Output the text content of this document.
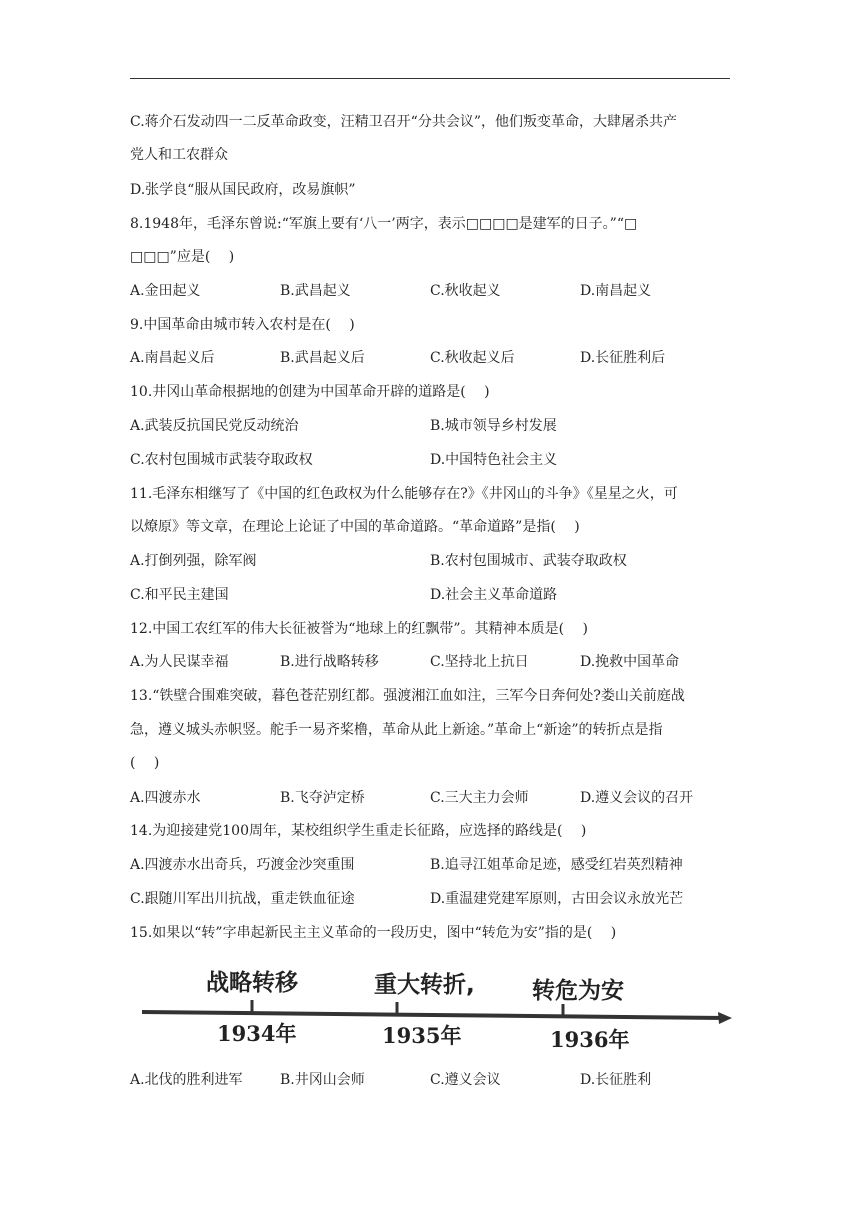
C.蒋介石发动四一二反革命政变，汪精卫召开“分共会议”，他们叛变革命，大肆屠杀共产
党人和工农群众
D.张学良“服从国民政府，改易旗帜”
8.1948年，毛泽东曾说:“军旗上要有‘八一’两字，表示□□□□是建军的日子。”“□
□□□”应是(　 )
A.金田起义	B.武昌起义	C.秋收起义	D.南昌起义
9.中国革命由城市转入农村是在(　 )
A.南昌起义后	B.武昌起义后	C.秋收起义后	D.长征胜利后
10.井冈山革命根据地的创建为中国革命开辟的道路是(　 )
A.武装反抗国民党反动统治	B.城市领导乡村发展
C.农村包围城市武装夺取政权	D.中国特色社会主义
11.毛泽东相继写了《中国的红色政权为什么能够存在?》《井冈山的斗争》《星星之火，可
以燎原》等文章，在理论上论证了中国的革命道路。“革命道路”是指(　 )
A.打倒列强，除军阀	B.农村包围城市、武装夺取政权
C.和平民主建国	D.社会主义革命道路
12.中国工农红军的伟大长征被誉为“地球上的红飘带”。其精神本质是(　 )
A.为人民谋幸福	B.进行战略转移	C.坚持北上抗日	D.挽救中国革命
13.“铁壁合围难突破，暮色苍茫别红都。强渡湘江血如注，三军今日奔何处?娄山关前庭战
急，遵义城头赤帜竖。舵手一易齐桨橹，革命从此上新途。”革命上“新途”的转折点是指
(　 )
A.四渡赤水	B.飞夺泸定桥	C.三大主力会师	D.遵义会议的召开
14.为迎接建党100周年，某校组织学生重走长征路，应选择的路线是(　 )
A.四渡赤水出奇兵，巧渡金沙突重围	B.追寻江姐革命足迹，感受红岩英烈精神
C.跟随川军出川抗战，重走铁血征途	D.重温建党建军原则，古田会议永放光芒
15.如果以“转”字串起新民主主义革命的一段历史，图中“转危为安”指的是(　 )
战略转移	重大转折, 转危为安
1934年	1935年	1936年
A.北伐的胜利进军	B.井冈山会师	C.遵义会议	D.长征胜利
